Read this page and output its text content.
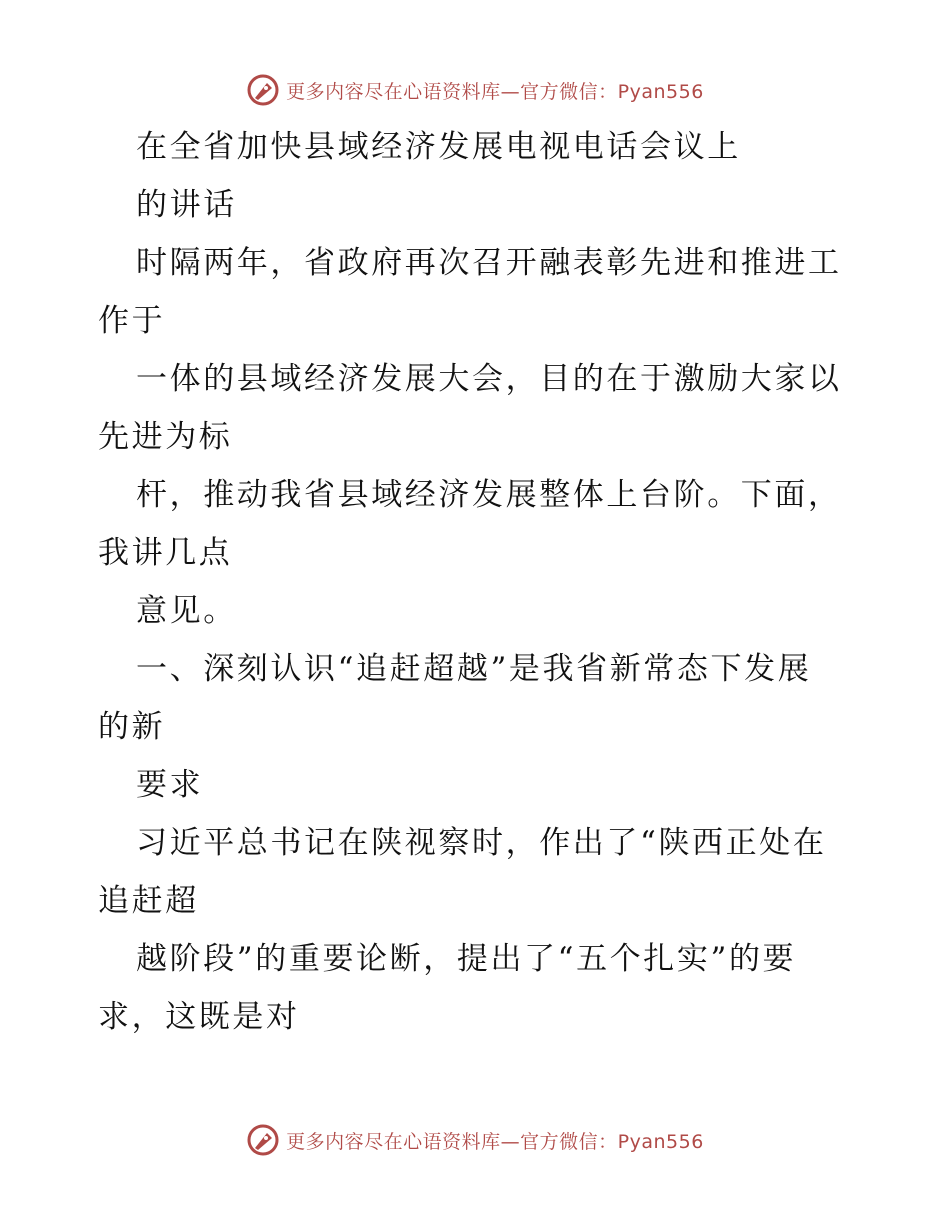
更多内容尽在心语资料库—官方微信：Pyan556
在全省加快县域经济发展电视电话会议上
的讲话
时隔两年，省政府再次召开融表彰先进和推进工
作于
一体的县域经济发展大会，目的在于激励大家以
先进为标
杆，推动我省县域经济发展整体上台阶。下面，
我讲几点
意见。
一、深刻认识“追赶超越”是我省新常态下发展
的新
要求
习近平总书记在陕视察时，作出了“陕西正处在
追赶超
越阶段”的重要论断，提出了“五个扎实”的要
求，这既是对
更多内容尽在心语资料库—官方微信：Pyan556
